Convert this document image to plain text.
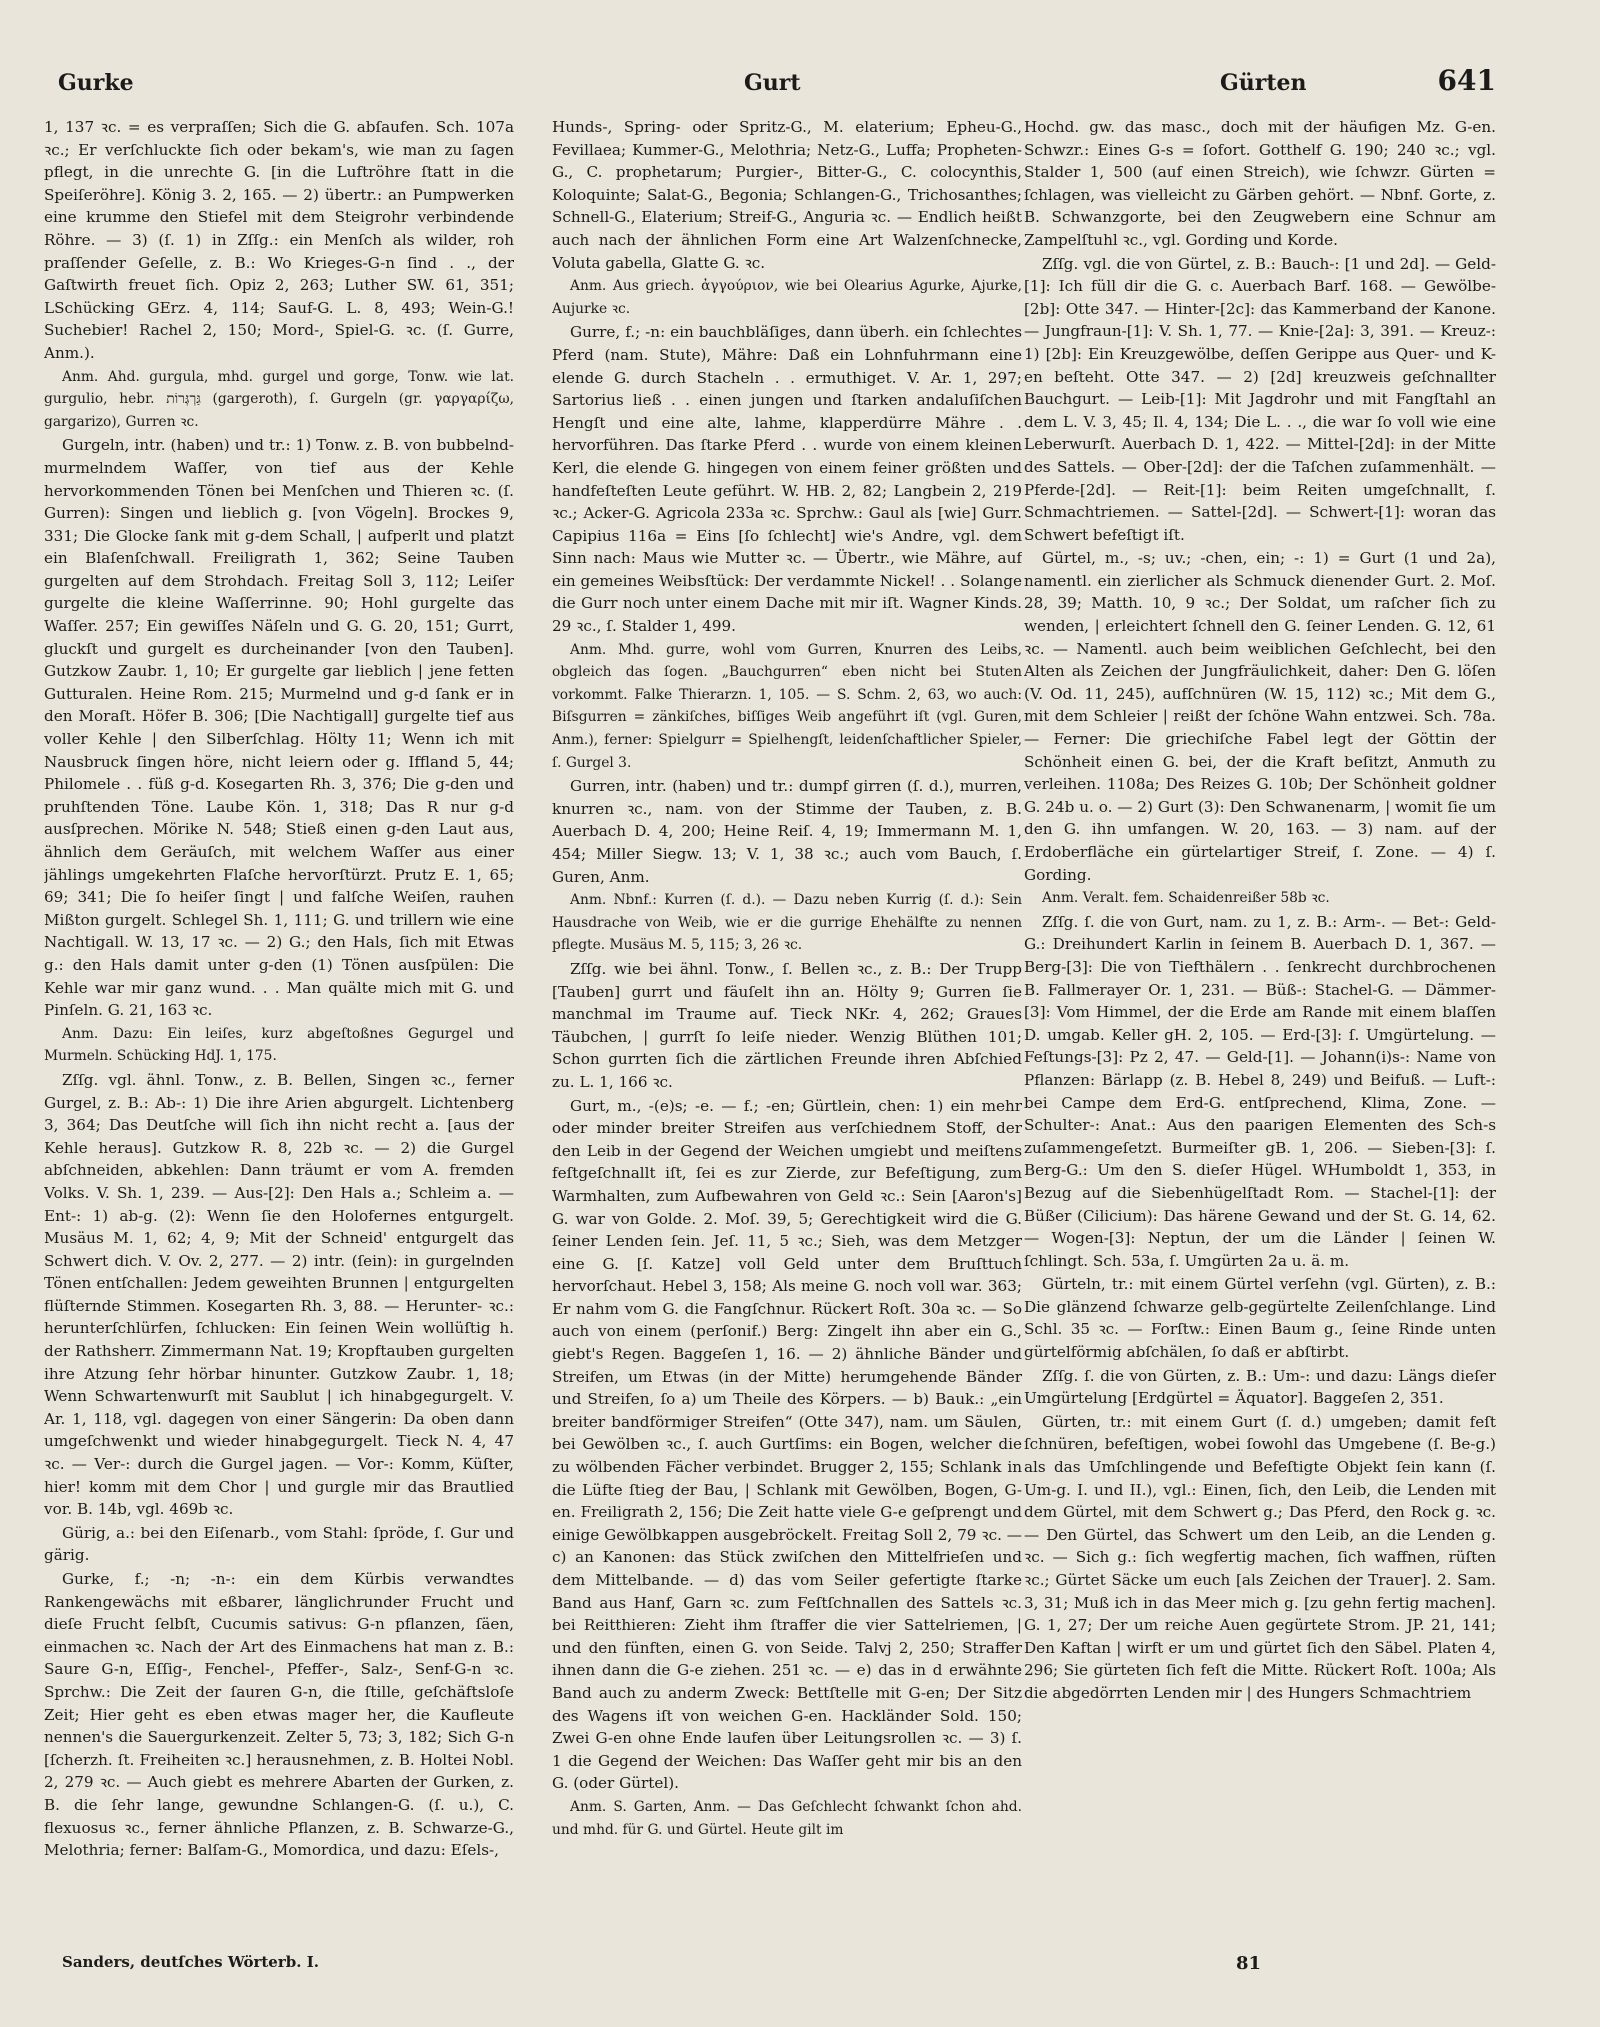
Gurke	Gurt	Gürten	641

1, 137 ꝛc. = es verpraſſen; Sich die G. abſaufen. Sch. 107a ꝛc.; Er verſchluckte ſich oder bekam's, wie man zu ſagen pflegt, in die unrechte G. [in die Luftröhre ſtatt in die Speiſeröhre]. König 3. 2, 165. — 2) übertr.: an Pumpwerken eine krumme den Stiefel mit dem Steigrohr verbindende Röhre. — 3) (ſ. 1) in Zſſg.: ein Menſch als wilder, roh praſſender Geſelle, z. B.: Wo Krieges-G-n ſind . ., der Gaſtwirth freuet ſich. Opiz 2, 263; Luther SW. 61, 351; LSchücking GErz. 4, 114; Sauf-G. L. 8, 493; Wein-G.! Suchebier! Rachel 2, 150; Mord-, Spiel-G. ꝛc. (ſ. Gurre, Anm.).

Anm. Ahd. gurgula, mhd. gurgel und gorge, Tonw. wie lat. gurgulio, hebr. גַּרְגְּרוֹת (gargeroth), ſ. Gurgeln (gr. γαργαρίζω, gargarizo), Gurren ꝛc.

Gurgeln, intr. (haben) und tr.: 1) Tonw. z. B. von bubbelnd-murmelndem Waſſer, von tief aus der Kehle hervorkommenden Tönen bei Menſchen und Thieren ꝛc. (ſ. Gurren): Singen und lieblich g. [von Vögeln]. Brockes 9, 331; Die Glocke ſank mit g-dem Schall, | aufperlt und platzt ein Blaſenſchwall. Freiligrath 1, 362; Seine Tauben gurgelten auf dem Strohdach. Freitag Soll 3, 112; Leiſer gurgelte die kleine Waſſerrinne. 90; Hohl gurgelte das Waſſer. 257; Ein gewiſſes Näſeln und G. G. 20, 151; Gurrt, gluckſt und gurgelt es durcheinander [von den Tauben]. Gutzkow Zaubr. 1, 10; Er gurgelte gar lieblich | jene fetten Gutturalen. Heine Rom. 215; Murmelnd und g-d ſank er in den Moraſt. Höfer B. 306; [Die Nachtigall] gurgelte tief aus voller Kehle | den Silberſchlag. Hölty 11; Wenn ich mit Nausbruck ſingen höre, nicht leiern oder g. Iffland 5, 44; Philomele . . füß g-d. Kosegarten Rh. 3, 376; Die g-den und pruhſtenden Töne. Laube Kön. 1, 318; Das R nur g-d ausſprechen. Mörike N. 548; Stieß einen g-den Laut aus, ähnlich dem Geräuſch, mit welchem Waſſer aus einer jählings umgekehrten Flaſche hervorſtürzt. Prutz E. 1, 65; 69; 341; Die ſo heiſer ſingt | und falſche Weiſen, rauhen Mißton gurgelt. Schlegel Sh. 1, 111; G. und trillern wie eine Nachtigall. W. 13, 17 ꝛc. — 2) G.; den Hals, ſich mit Etwas g.: den Hals damit unter g-den (1) Tönen ausſpülen: Die Kehle war mir ganz wund. . . Man quälte mich mit G. und Pinſeln. G. 21, 163 ꝛc.

Anm. Dazu: Ein leiſes, kurz abgeſtoßnes Gegurgel und Murmeln. Schücking HdJ. 1, 175.

Zſſg. vgl. ähnl. Tonw., z. B. Bellen, Singen ꝛc., ferner Gurgel, z. B.: Ab-: 1) Die ihre Arien abgurgelt. Lichtenberg 3, 364; Das Deutſche will ſich ihn nicht recht a. [aus der Kehle heraus]. Gutzkow R. 8, 22b ꝛc. — 2) die Gurgel abſchneiden, abkehlen: Dann träumt er vom A. fremden Volks. V. Sh. 1, 239. — Aus-[2]: Den Hals a.; Schleim a. — Ent-: 1) ab-g. (2): Wenn ſie den Holofernes entgurgelt. Musäus M. 1, 62; 4, 9; Mit der Schneid' entgurgelt das Schwert dich. V. Ov. 2, 277. — 2) intr. (ſein): in gurgelnden Tönen entſchallen: Jedem geweihten Brunnen | entgurgelten flüſternde Stimmen. Kosegarten Rh. 3, 88. — Herunter- ꝛc.: herunterſchlürfen, ſchlucken: Ein ſeinen Wein wollüſtig h. der Rathsherr. Zimmermann Nat. 19; Kropftauben gurgelten ihre Atzung ſehr hörbar hinunter. Gutzkow Zaubr. 1, 18; Wenn Schwartenwurſt mit Saublut | ich hinabgegurgelt. V. Ar. 1, 118, vgl. dagegen von einer Sängerin: Da oben dann umgeſchwenkt und wieder hinabgegurgelt. Tieck N. 4, 47 ꝛc. — Ver-: durch die Gurgel jagen. — Vor-: Komm, Küſter, hier! komm mit dem Chor | und gurgle mir das Brautlied vor. B. 14b, vgl. 469b ꝛc.

Gürig, a.: bei den Eiſenarb., vom Stahl: ſpröde, ſ. Gur und gärig.

Gurke, f.; -n; -n-: ein dem Kürbis verwandtes Rankengewächs mit eßbarer, länglichrunder Frucht und dieſe Frucht ſelbſt, Cucumis sativus: G-n pflanzen, ſäen, einmachen ꝛc. Nach der Art des Einmachens hat man z. B.: Saure G-n, Eſſig-, Fenchel-, Pfeffer-, Salz-, Senf-G-n ꝛc. Sprchw.: Die Zeit der ſauren G-n, die ſtille, geſchäftsloſe Zeit; Hier geht es eben etwas mager her, die Kaufleute nennen's die Sauergurkenzeit. Zelter 5, 73; 3, 182; Sich G-n [ſcherzh. ſt. Freiheiten ꝛc.] herausnehmen, z. B. Holtei Nobl. 2, 279 ꝛc. — Auch giebt es mehrere Abarten der Gurken, z. B. die ſehr lange, gewundne Schlangen-G. (ſ. u.), C. flexuosus ꝛc., ferner ähnliche Pflanzen, z. B. Schwarze-G., Melothria; ferner: Balſam-G., Momordica, und dazu: Eſels-,

Hunds-, Spring- oder Spritz-G., M. elaterium; Epheu-G., Fevillaea; Kummer-G., Melothria; Netz-G., Luffa; Propheten-G., C. prophetarum; Purgier-, Bitter-G., C. colocynthis, Koloquinte; Salat-G., Begonia; Schlangen-G., Trichosanthes; Schnell-G., Elaterium; Streif-G., Anguria ꝛc. — Endlich heißt auch nach der ähnlichen Form eine Art Walzenſchnecke, Voluta gabella, Glatte G. ꝛc.

Anm. Aus griech. ἀγγούριον, wie bei Olearius Agurke, Ajurke, Aujurke ꝛc.

Gurre, f.; -n: ein bauchbläſiges, dann überh. ein ſchlechtes Pferd (nam. Stute), Mähre: Daß ein Lohnfuhrmann eine elende G. durch Stacheln . . ermuthiget. V. Ar. 1, 297; Sartorius ließ . . einen jungen und ſtarken andaluſiſchen Hengſt und eine alte, lahme, klapperdürre Mähre . . hervorführen. Das ſtarke Pferd . . wurde von einem kleinen Kerl, die elende G. hingegen von einem feiner größten und handfeſteſten Leute geführt. W. HB. 2, 82; Langbein 2, 219 ꝛc.; Acker-G. Agricola 233a ꝛc. Sprchw.: Gaul als [wie] Gurr. Capipius 116a = Eins [ſo ſchlecht] wie's Andre, vgl. dem Sinn nach: Maus wie Mutter ꝛc. — Übertr., wie Mähre, auf ein gemeines Weibsſtück: Der verdammte Nickel! . . Solange die Gurr noch unter einem Dache mit mir iſt. Wagner Kinds. 29 ꝛc., ſ. Stalder 1, 499.

Anm. Mhd. gurre, wohl vom Gurren, Knurren des Leibs, obgleich das ſogen. „Bauchgurren“ eben nicht bei Stuten vorkommt. Falke Thierarzn. 1, 105. — S. Schm. 2, 63, wo auch: Biſsgurren = zänkiſches, biſſiges Weib angeführt iſt (vgl. Guren, Anm.), ferner: Spielgurr = Spielhengſt, leidenſchaftlicher Spieler, ſ. Gurgel 3.

Gurren, intr. (haben) und tr.: dumpf girren (ſ. d.), murren, knurren ꝛc., nam. von der Stimme der Tauben, z. B. Auerbach D. 4, 200; Heine Reiſ. 4, 19; Immermann M. 1, 454; Miller Siegw. 13; V. 1, 38 ꝛc.; auch vom Bauch, ſ. Guren, Anm.

Anm. Nbnf.: Kurren (ſ. d.). — Dazu neben Kurrig (ſ. d.): Sein Hausdrache von Weib, wie er die gurrige Ehehälfte zu nennen pflegte. Musäus M. 5, 115; 3, 26 ꝛc.

Zſſg. wie bei ähnl. Tonw., ſ. Bellen ꝛc., z. B.: Der Trupp [Tauben] gurrt und fäuſelt ihn an. Hölty 9; Gurren ſie manchmal im Traume auf. Tieck NKr. 4, 262; Graues Täubchen, | gurrſt ſo leiſe nieder. Wenzig Blüthen 101; Schon gurrten ſich die zärtlichen Freunde ihren Abſchied zu. L. 1, 166 ꝛc.

Gurt, m., -(e)s; -e. — f.; -en; Gürtlein, chen: 1) ein mehr oder minder breiter Streifen aus verſchiednem Stoff, der den Leib in der Gegend der Weichen umgiebt und meiſtens feſtgeſchnallt iſt, ſei es zur Zierde, zur Befeſtigung, zum Warmhalten, zum Aufbewahren von Geld ꝛc.: Sein [Aaron's] G. war von Golde. 2. Moſ. 39, 5; Gerechtigkeit wird die G. ſeiner Lenden ſein. Jeſ. 11, 5 ꝛc.; Sieh, was dem Metzger eine G. [ſ. Katze] voll Geld unter dem Bruſttuch hervorſchaut. Hebel 3, 158; Als meine G. noch voll war. 363; Er nahm vom G. die Fangſchnur. Rückert Roſt. 30a ꝛc. — So auch von einem (perſonif.) Berg: Zingelt ihn aber ein G., giebt's Regen. Baggeſen 1, 16. — 2) ähnliche Bänder und Streifen, um Etwas (in der Mitte) herumgehende Bänder und Streifen, ſo a) um Theile des Körpers. — b) Bauk.: „ein breiter bandförmiger Streifen“ (Otte 347), nam. um Säulen, bei Gewölben ꝛc., ſ. auch Gurtſims: ein Bogen, welcher die zu wölbenden Fächer verbindet. Brugger 2, 155; Schlank in die Lüfte ſtieg der Bau, | Schlank mit Gewölben, Bogen, G-en. Freiligrath 2, 156; Die Zeit hatte viele G-e geſprengt und einige Gewölbkappen ausgebröckelt. Freitag Soll 2, 79 ꝛc. — c) an Kanonen: das Stück zwiſchen den Mittelfrieſen und dem Mittelbande. — d) das vom Seiler gefertigte ſtarke Band aus Hanf, Garn ꝛc. zum Feſtſchnallen des Sattels ꝛc. bei Reitthieren: Zieht ihm ſtraffer die vier Sattelriemen, | und den fünften, einen G. von Seide. Talvj 2, 250; Straffer ihnen dann die G-e ziehen. 251 ꝛc. — e) das in d erwähnte Band auch zu anderm Zweck: Bettſtelle mit G-en; Der Sitz des Wagens iſt von weichen G-en. Hackländer Sold. 150; Zwei G-en ohne Ende laufen über Leitungsrollen ꝛc. — 3) ſ. 1 die Gegend der Weichen: Das Waſſer geht mir bis an den G. (oder Gürtel).

Anm. S. Garten, Anm. — Das Geſchlecht ſchwankt ſchon ahd. und mhd. für G. und Gürtel. Heute gilt im

Hochd. gw. das masc., doch mit der häufigen Mz. G-en. Schwzr.: Eines G-s = ſofort. Gotthelf G. 190; 240 ꝛc.; vgl. Stalder 1, 500 (auf einen Streich), wie ſchwzr. Gürten = ſchlagen, was vielleicht zu Gärben gehört. — Nbnf. Gorte, z. B. Schwanzgorte, bei den Zeugwebern eine Schnur am Zampelſtuhl ꝛc., vgl. Gording und Korde.

Zſſg. vgl. die von Gürtel, z. B.: Bauch-: [1 und 2d]. — Geld-[1]: Ich füll dir die G. c. Auerbach Barf. 168. — Gewölbe-[2b]: Otte 347. — Hinter-[2c]: das Kammerband der Kanone. — Jungfraun-[1]: V. Sh. 1, 77. — Knie-[2a]: 3, 391. — Kreuz-: 1) [2b]: Ein Kreuzgewölbe, deſſen Gerippe aus Quer- und K-en beſteht. Otte 347. — 2) [2d] kreuzweis geſchnallter Bauchgurt. — Leib-[1]: Mit Jagdrohr und mit Fangſtahl an dem L. V. 3, 45; Il. 4, 134; Die L. . ., die war ſo voll wie eine Leberwurſt. Auerbach D. 1, 422. — Mittel-[2d]: in der Mitte des Sattels. — Ober-[2d]: der die Taſchen zuſammenhält. — Pferde-[2d]. — Reit-[1]: beim Reiten umgeſchnallt, ſ. Schmachtriemen. — Sattel-[2d]. — Schwert-[1]: woran das Schwert befeſtigt iſt.

Gürtel, m., -s; uv.; -chen, ein; -: 1) = Gurt (1 und 2a), namentl. ein zierlicher als Schmuck dienender Gurt. 2. Moſ. 28, 39; Matth. 10, 9 ꝛc.; Der Soldat, um raſcher ſich zu wenden, | erleichtert ſchnell den G. ſeiner Lenden. G. 12, 61 ꝛc. — Namentl. auch beim weiblichen Geſchlecht, bei den Alten als Zeichen der Jungfräulichkeit, daher: Den G. löſen (V. Od. 11, 245), aufſchnüren (W. 15, 112) ꝛc.; Mit dem G., mit dem Schleier | reißt der ſchöne Wahn entzwei. Sch. 78a. — Ferner: Die griechiſche Fabel legt der Göttin der Schönheit einen G. bei, der die Kraft beſitzt, Anmuth zu verleihen. 1108a; Des Reizes G. 10b; Der Schönheit goldner G. 24b u. o. — 2) Gurt (3): Den Schwanenarm, | womit ſie um den G. ihn umfangen. W. 20, 163. — 3) nam. auf der Erdoberfläche ein gürtelartiger Streif, ſ. Zone. — 4) ſ. Gording.

Anm. Veralt. fem. Schaidenreißer 58b ꝛc.

Zſſg. ſ. die von Gurt, nam. zu 1, z. B.: Arm-. — Bet-: Geld-G.: Dreihundert Karlin in ſeinem B. Auerbach D. 1, 367. — Berg-[3]: Die von Tiefthälern . . ſenkrecht durchbrochenen B. Fallmerayer Or. 1, 231. — Büß-: Stachel-G. — Dämmer-[3]: Vom Himmel, der die Erde am Rande mit einem blaſſen D. umgab. Keller gH. 2, 105. — Erd-[3]: ſ. Umgürtelung. — Feſtungs-[3]: Pz 2, 47. — Geld-[1]. — Johann(i)s-: Name von Pflanzen: Bärlapp (z. B. Hebel 8, 249) und Beifuß. — Luft-: bei Campe dem Erd-G. entſprechend, Klima, Zone. — Schulter-: Anat.: Aus den paarigen Elementen des Sch-s zuſammengeſetzt. Burmeiſter gB. 1, 206. — Sieben-[3]: ſ. Berg-G.: Um den S. dieſer Hügel. WHumboldt 1, 353, in Bezug auf die Siebenhügelſtadt Rom. — Stachel-[1]: der Büßer (Cilicium): Das härene Gewand und der St. G. 14, 62. — Wogen-[3]: Neptun, der um die Länder | ſeinen W. ſchlingt. Sch. 53a, ſ. Umgürten 2a u. ä. m.

Gürteln, tr.: mit einem Gürtel verſehn (vgl. Gürten), z. B.: Die glänzend ſchwarze gelb-gegürtelte Zeilenſchlange. Lind Schl. 35 ꝛc. — Forſtw.: Einen Baum g., ſeine Rinde unten gürtelförmig abſchälen, ſo daß er abſtirbt.

Zſſg. ſ. die von Gürten, z. B.: Um-: und dazu: Längs dieſer Umgürtelung [Erdgürtel = Äquator]. Baggeſen 2, 351.

Gürten, tr.: mit einem Gurt (ſ. d.) umgeben; damit feſt ſchnüren, befeſtigen, wobei ſowohl das Umgebene (ſ. Be-g.) als das Umſchlingende und Befeſtigte Objekt ſein kann (ſ. Um-g. I. und II.), vgl.: Einen, ſich, den Leib, die Lenden mit dem Gürtel, mit dem Schwert g.; Das Pferd, den Rock g. ꝛc. — Den Gürtel, das Schwert um den Leib, an die Lenden g. ꝛc. — Sich g.: ſich wegfertig machen, ſich waffnen, rüſten ꝛc.; Gürtet Säcke um euch [als Zeichen der Trauer]. 2. Sam. 3, 31; Muß ich in das Meer mich g. [zu gehn fertig machen]. G. 1, 27; Der um reiche Auen gegürtete Strom. JP. 21, 141; Den Kaftan | wirft er um und gürtet ſich den Säbel. Platen 4, 296; Sie gürteten ſich feſt die Mitte. Rückert Roſt. 100a; Als die abgedörrten Lenden mir | des Hungers Schmachtriem

Sanders, deutſches Wörterb. I.	81
